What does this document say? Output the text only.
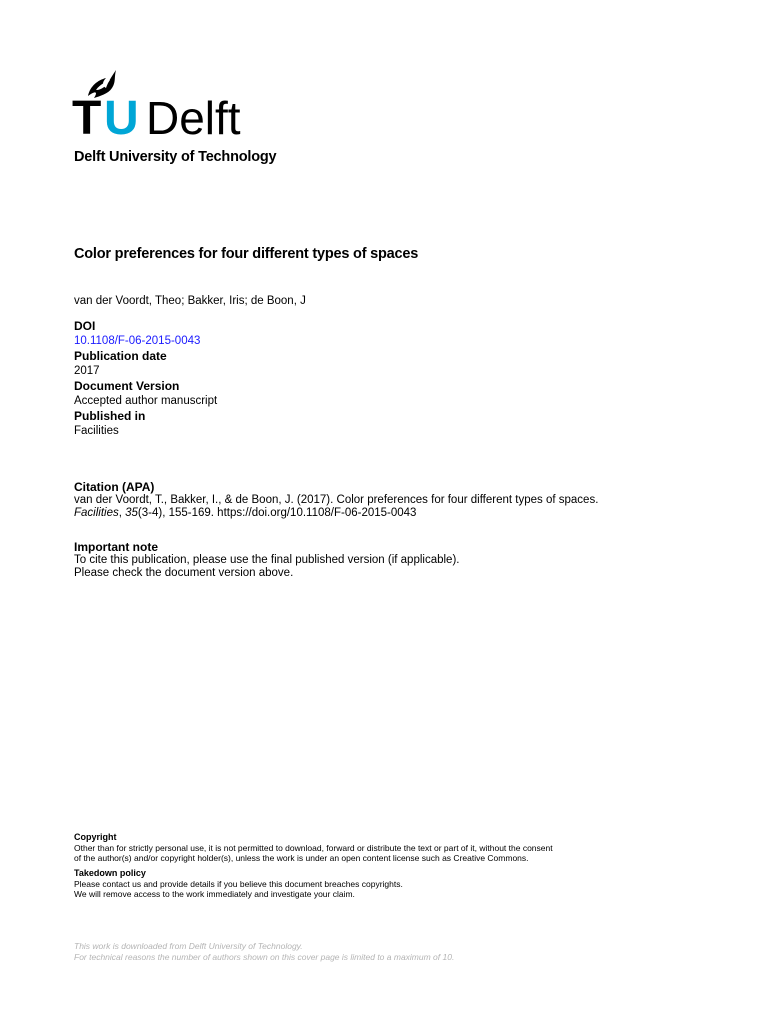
T U Delft
Delft University of Technology
Color preferences for four different types of spaces
van der Voordt, Theo; Bakker, Iris; de Boon, J
DOI
10.1108/F-06-2015-0043
Publication date
2017
Document Version
Accepted author manuscript
Published in
Facilities
Citation (APA)
van der Voordt, T., Bakker, I., & de Boon, J. (2017). Color preferences for four different types of spaces.
Facilities, 35(3-4), 155-169. https://doi.org/10.1108/F-06-2015-0043
Important note
To cite this publication, please use the final published version (if applicable).
Please check the document version above.
Copyright
Other than for strictly personal use, it is not permitted to download, forward or distribute the text or part of it, without the consent
of the author(s) and/or copyright holder(s), unless the work is under an open content license such as Creative Commons.
Takedown policy
Please contact us and provide details if you believe this document breaches copyrights.
We will remove access to the work immediately and investigate your claim.
This work is downloaded from Delft University of Technology.
For technical reasons the number of authors shown on this cover page is limited to a maximum of 10.
